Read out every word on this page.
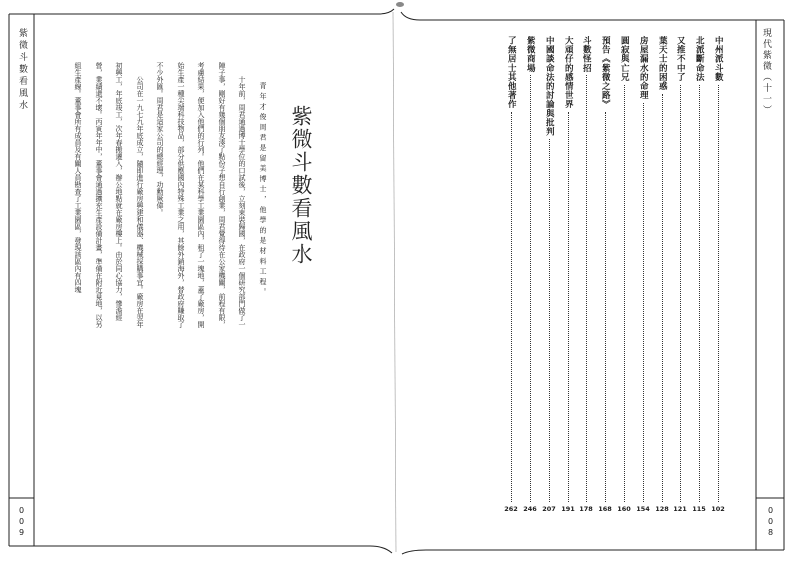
紫微斗數看風水
009
紫微斗數看風水
青年才俊周君是留美博士，他學的是材料工程。
十年前，周君通過博士學位的口試後，立刻束裝歸國，在政府一個研究部門做了一
陣子事，剛好有幾個朋友湊了點份子想自行創業，周君覺得待在公家機關，前程有限，
考慮結果，便加入他們的行列。他們在某科學工業園區內，租了一塊地，蓋了廠房，開
始生產一種尖端科技物品，部分供應國內特殊工業之用，其餘外銷海外，替政府賺取了
不少外匯。周君是這家公司的總經理，功勳厥偉。
公司在一九七九年底成立，隨即進行廠房興建和儀器、機械採購事宜。廠房在翌年
初興工，年底竣工，次年春搬遷入，辦公地點就在廠房樓上。由於同心協力，慘澹經
營，業績還不壞。丙寅年年中，董事會通過擴充生產設備計畫，準備在附近覓地，以另
組生產線。董事會所有成員及有關人員勘查了工業園區，發現該區內有四塊	現代紫微（十一）
008
中州派斗數
102
北派斷命法
115
又推不中了
121
葉天士的困惑
128
房屋漏水的命理
154
圓寂與亡兄
160
預告《紫微之路》
168
斗數怪招
178
大頑仔的感情世界
191
中國談命法的討論與批判
207
紫微商場
246
了無居士其他著作
262
